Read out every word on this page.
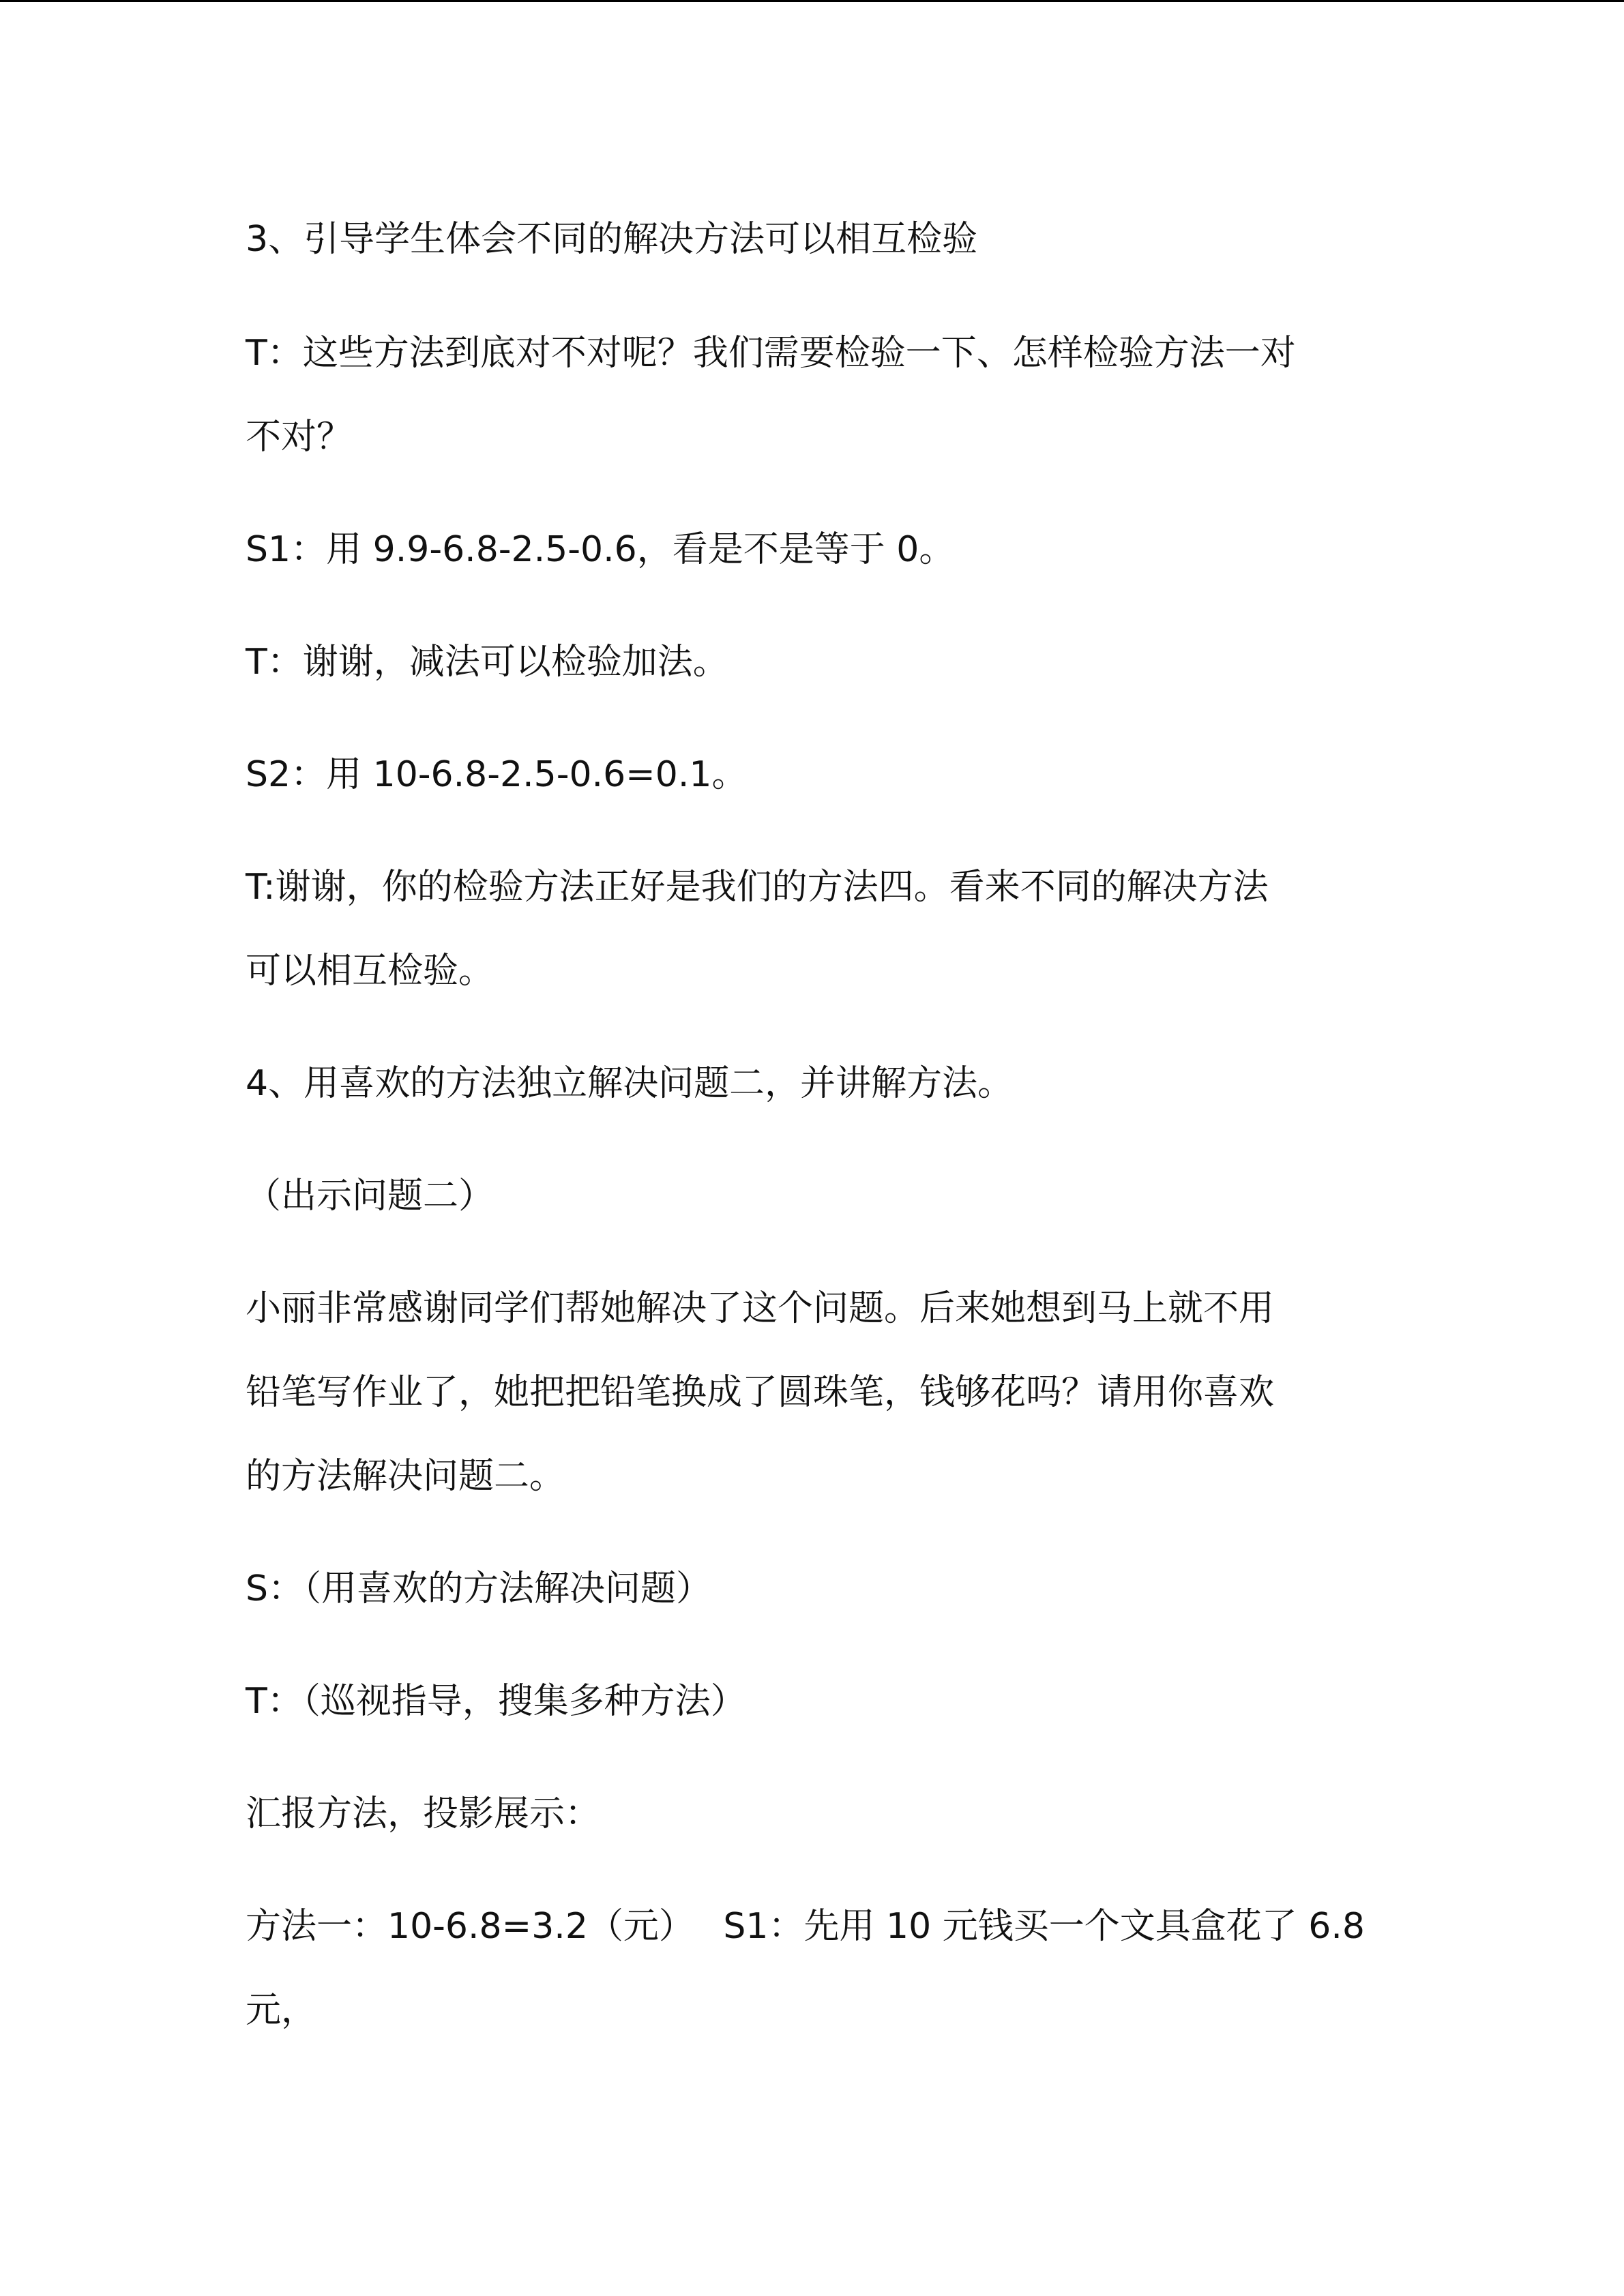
3、引导学生体会不同的解决方法可以相互检验
T：这些方法到底对不对呢？我们需要检验一下、怎样检验方法一对
不对？
S1：用 9.9-6.8-2.5-0.6，看是不是等于 0。
T：谢谢，减法可以检验加法。
S2：用 10-6.8-2.5-0.6=0.1。
T:谢谢，你的检验方法正好是我们的方法四。看来不同的解决方法
可以相互检验。
4、用喜欢的方法独立解决问题二，并讲解方法。
（出示问题二）
小丽非常感谢同学们帮她解决了这个问题。后来她想到马上就不用
铅笔写作业了，她把把铅笔换成了圆珠笔，钱够花吗？请用你喜欢
的方法解决问题二。
S：（用喜欢的方法解决问题）
T：（巡视指导，搜集多种方法）
汇报方法，投影展示：
方法一：10-6.8=3.2（元）　 S1：先用 10 元钱买一个文具盒花了 6.8
元，
